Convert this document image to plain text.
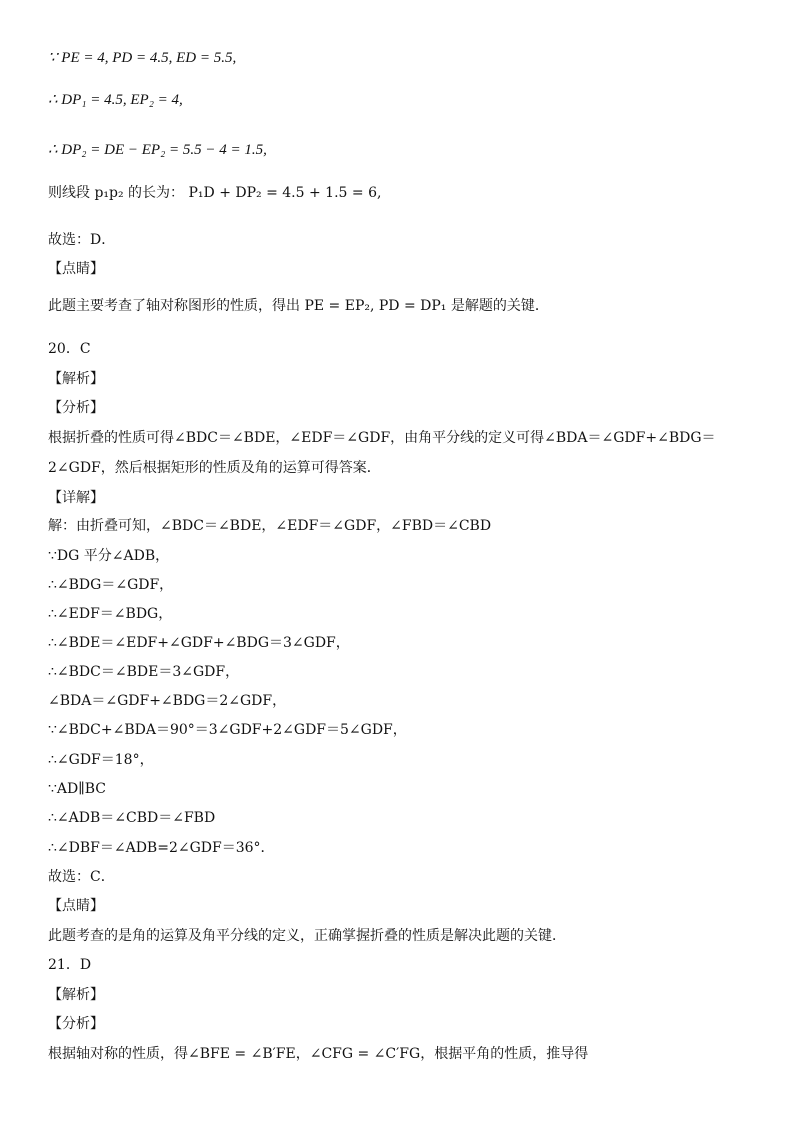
∵ PE = 4, PD = 4.5, ED = 5.5,
∴ DP₁ = 4.5, EP₂ = 4,
∴ DP₂ = DE − EP₂ = 5.5 − 4 = 1.5,
则线段 p₁p₂ 的长为： P₁D + DP₂ = 4.5 + 1.5 = 6,
故选：D．
【点睛】
此题主要考查了轴对称图形的性质，得出 PE = EP₂, PD = DP₁ 是解题的关键．
20．C
【解析】
【分析】
根据折叠的性质可得∠BDC＝∠BDE，∠EDF＝∠GDF，由角平分线的定义可得∠BDA＝∠GDF+∠BDG＝2∠GDF，然后根据矩形的性质及角的运算可得答案．
【详解】
解：由折叠可知，∠BDC＝∠BDE，∠EDF＝∠GDF，∠FBD＝∠CBD
∵DG 平分∠ADB，
∴∠BDG＝∠GDF，
∴∠EDF＝∠BDG，
∴∠BDE＝∠EDF+∠GDF+∠BDG＝3∠GDF，
∴∠BDC＝∠BDE＝3∠GDF，
∠BDA＝∠GDF+∠BDG＝2∠GDF，
∵∠BDC+∠BDA＝90°＝3∠GDF+2∠GDF＝5∠GDF，
∴∠GDF＝18°，
∵AD∥BC
∴∠ADB＝∠CBD＝∠FBD
∴∠DBF＝∠ADB=2∠GDF＝36°．
故选：C．
【点睛】
此题考查的是角的运算及角平分线的定义，正确掌握折叠的性质是解决此题的关键．
21．D
【解析】
【分析】
根据轴对称的性质，得∠BFE = ∠B′FE，∠CFG = ∠C′FG，根据平角的性质，推导得
